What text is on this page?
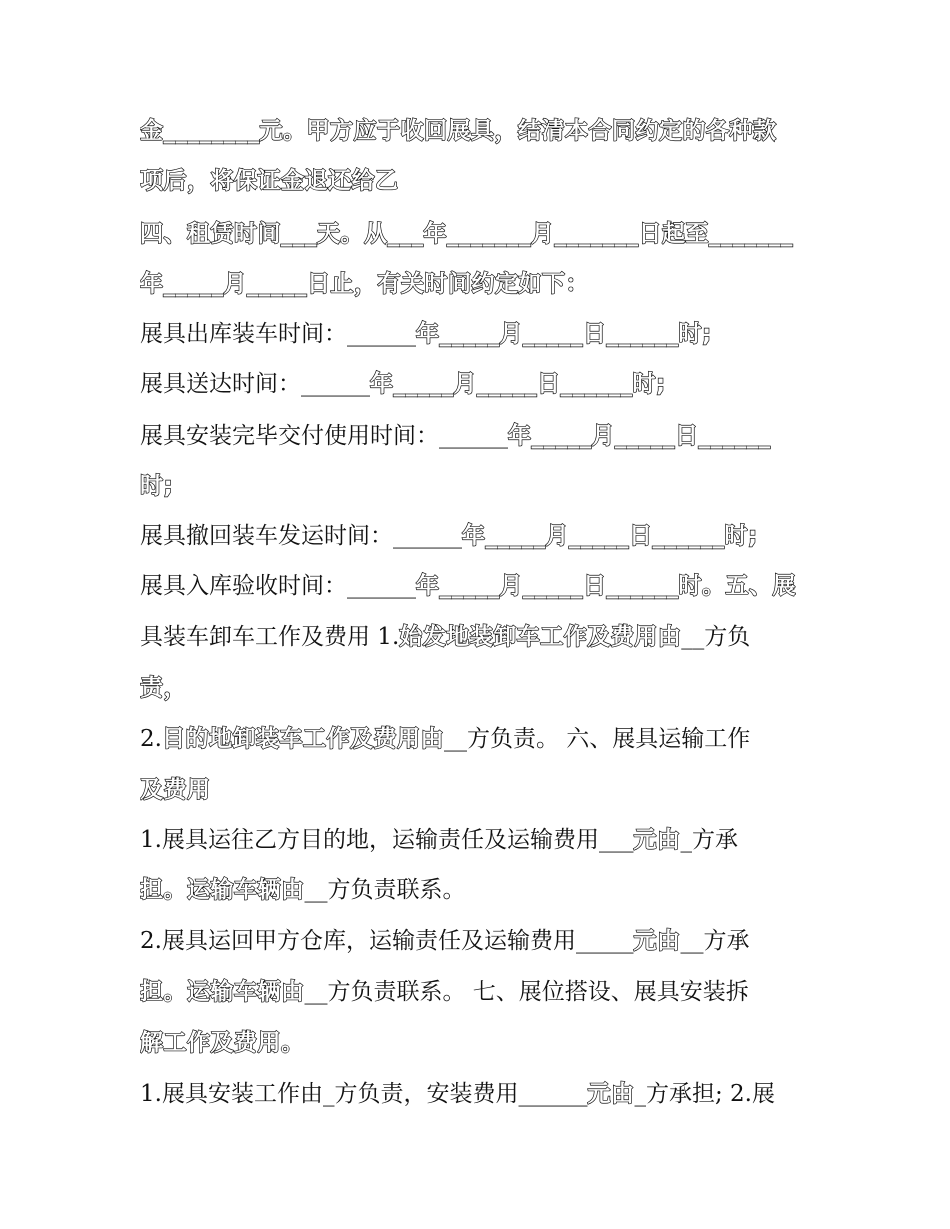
金________元。甲方应于收回展具，结清本合同约定的各种款
项后，将保证金退还给乙
四、租赁时间___天。从___年_______月_______日起至_______
年_____月_____日止，有关时间约定如下：
展具出库装车时间：______年_____月_____日______时;
展具送达时间：______年_____月_____日______时;
展具安装完毕交付使用时间：______年_____月_____日______
时;
展具撤回装车发运时间：______年_____月_____日______时;
展具入库验收时间：______年_____月_____日______时。五、展
具装车卸车工作及费用 1.始发地装卸车工作及费用由__方负
责，
2.目的地卸装车工作及费用由__方负责。 六、展具运输工作
及费用
1.展具运往乙方目的地，运输责任及运输费用___元由_方承
担。运输车辆由__方负责联系。
2.展具运回甲方仓库，运输责任及运输费用_____元由__方承
担。运输车辆由__方负责联系。 七、展位搭设、展具安装拆
解工作及费用。
1.展具安装工作由_方负责，安装费用______元由_方承担; 2.展
